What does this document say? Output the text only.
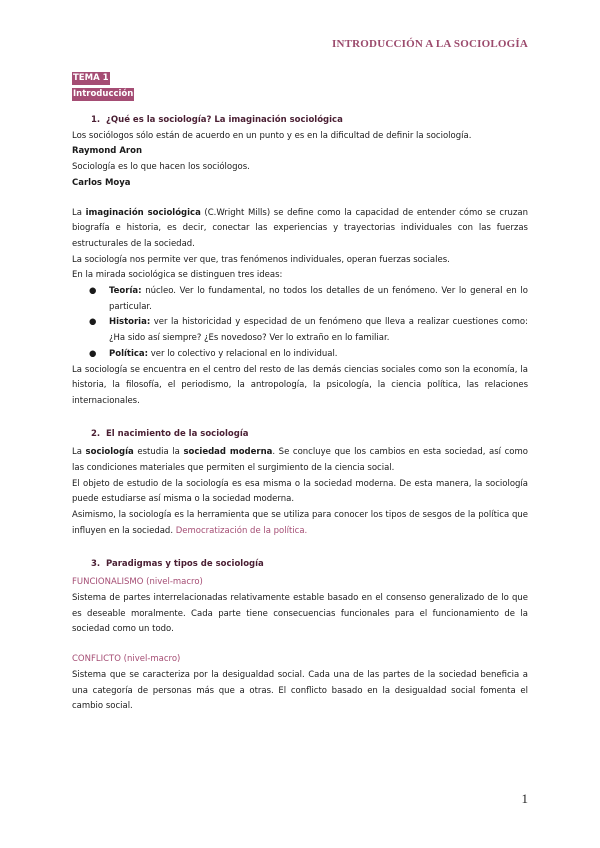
INTRODUCCIÓN A LA SOCIOLOGÍA
TEMA 1
Introducción
1. ¿Qué es la sociología? La imaginación sociológica

Los sociólogos sólo están de acuerdo en un punto y es en la dificultad de definir la sociología.

Raymond Aron

Sociología es lo que hacen los sociólogos.

Carlos Moya

La imaginación sociológica (C.Wright Mills) se define como la capacidad de entender cómo se cruzan biografía e historia, es decir, conectar las experiencias y trayectorias individuales con las fuerzas estructurales de la sociedad.

La sociología nos permite ver que, tras fenómenos individuales, operan fuerzas sociales.

En la mirada sociológica se distinguen tres ideas:

● Teoría: núcleo. Ver lo fundamental, no todos los detalles de un fenómeno. Ver lo general en lo particular.
● Historia: ver la historicidad y especidad de un fenómeno que lleva a realizar cuestiones como: ¿Ha sido así siempre? ¿Es novedoso? Ver lo extraño en lo familiar.
● Política: ver lo colectivo y relacional en lo individual.

La sociología se encuentra en el centro del resto de las demás ciencias sociales como son la economía, la historia, la filosofía, el periodismo, la antropología, la psicología, la ciencia política, las relaciones internacionales.

2. El nacimiento de la sociología

La sociología estudia la sociedad moderna. Se concluye que los cambios en esta sociedad, así como las condiciones materiales que permiten el surgimiento de la ciencia social.

El objeto de estudio de la sociología es esa misma o la sociedad moderna. De esta manera, la sociología puede estudiarse así misma o la sociedad moderna.

Asimismo, la sociología es la herramienta que se utiliza para conocer los tipos de sesgos de la política que influyen en la sociedad. Democratización de la política.

3. Paradigmas y tipos de sociología

FUNCIONALISMO (nivel-macro)

Sistema de partes interrelacionadas relativamente estable basado en el consenso generalizado de lo que es deseable moralmente. Cada parte tiene consecuencias funcionales para el funcionamiento de la sociedad como un todo.

CONFLICTO (nivel-macro)

Sistema que se caracteriza por la desigualdad social. Cada una de las partes de la sociedad beneficia a una categoría de personas más que a otras. El conflicto basado en la desigualdad social fomenta el cambio social.

1
